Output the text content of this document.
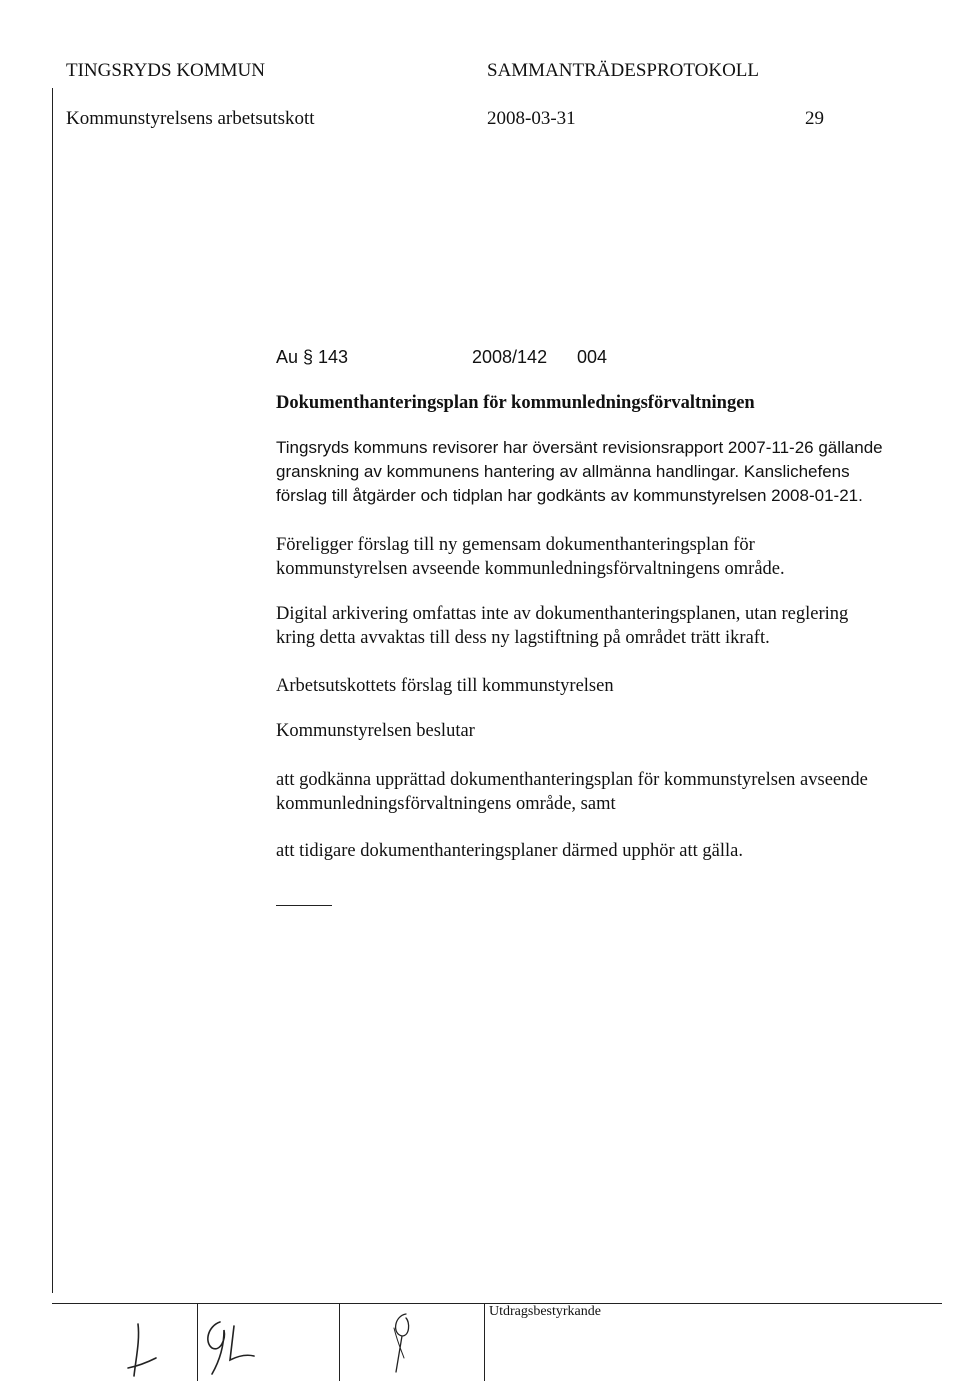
TINGSRYDS KOMMUN	SAMMANTRÄDESPROTOKOLL
Kommunstyrelsens arbetsutskott	2008-03-31	29
Au § 143	2008/142 004
Dokumenthanteringsplan för kommunledningsförvaltningen
Tingsryds kommuns revisorer har översänt revisionsrapport 2007-11-26 gällande
granskning av kommunens hantering av allmänna handlingar. Kanslichefens
förslag till åtgärder och tidplan har godkänts av kommunstyrelsen 2008-01-21.
Föreligger förslag till ny gemensam dokumenthanteringsplan för
kommunstyrelsen avseende kommunledningsförvaltningens område.
Digital arkivering omfattas inte av dokumenthanteringsplanen, utan reglering
kring detta avvaktas till dess ny lagstiftning på området trätt ikraft.
Arbetsutskottets förslag till kommunstyrelsen
Kommunstyrelsen beslutar
att godkänna upprättad dokumenthanteringsplan för kommunstyrelsen avseende
kommunledningsförvaltningens område, samt
att tidigare dokumenthanteringsplaner därmed upphör att gälla.
Utdragsbestyrkande
